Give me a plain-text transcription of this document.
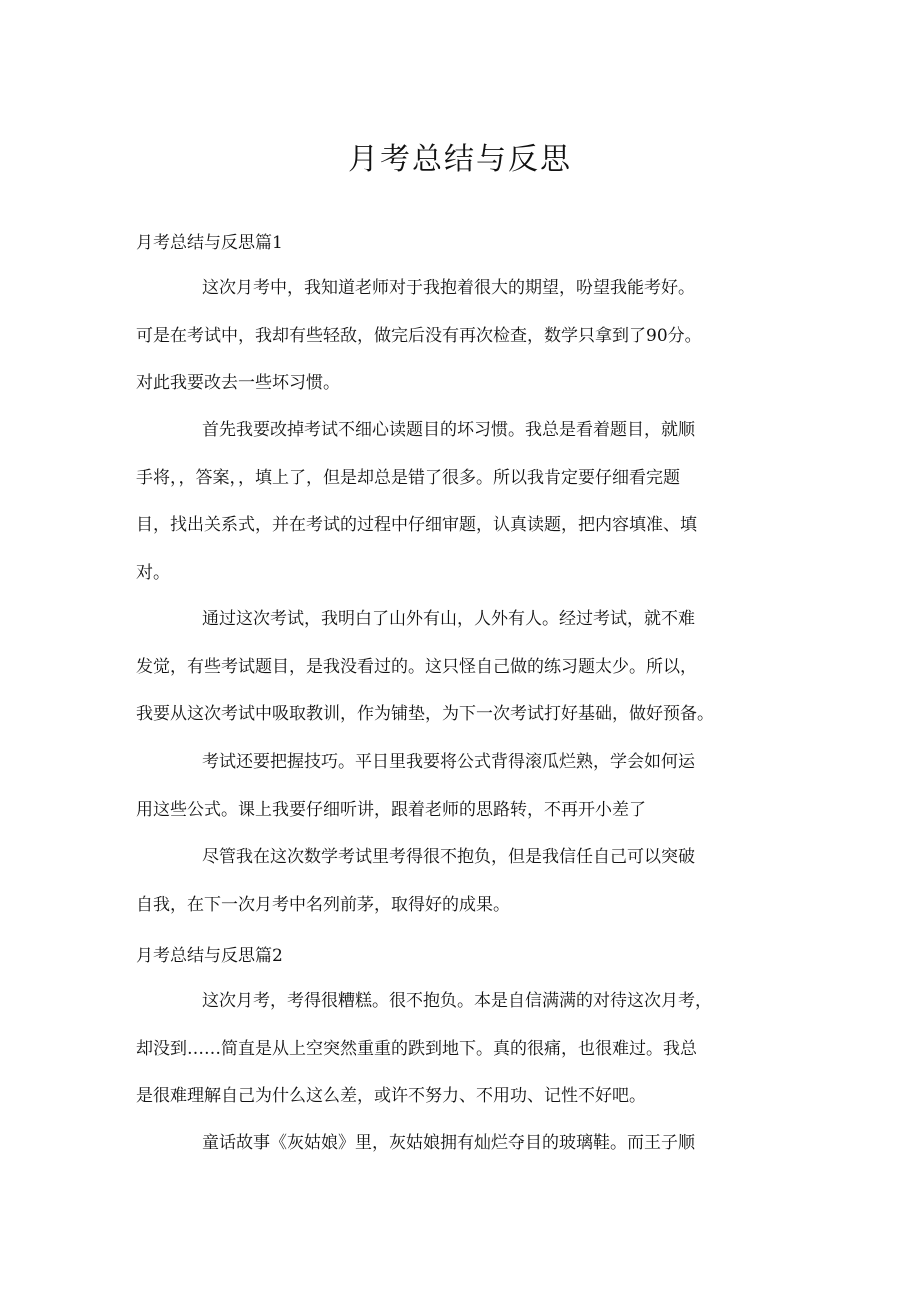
月考总结与反思
月考总结与反思篇1
这次月考中，我知道老师对于我抱着很大的期望，吩望我能考好。
可是在考试中，我却有些轻敌，做完后没有再次检查，数学只拿到了90分。
对此我要改去一些坏习惯。
首先我要改掉考试不细心读题目的坏习惯。我总是看着题目，就顺
手将，，答案，，填上了，但是却总是错了很多。所以我肯定要仔细看完题
目，找出关系式，并在考试的过程中仔细审题，认真读题，把内容填准、填
对。
通过这次考试，我明白了山外有山，人外有人。经过考试，就不难
发觉，有些考试题目，是我没看过的。这只怪自己做的练习题太少。所以，
我要从这次考试中吸取教训，作为铺垫，为下一次考试打好基础，做好预备。
考试还要把握技巧。平日里我要将公式背得滚瓜烂熟，学会如何运
用这些公式。课上我要仔细听讲，跟着老师的思路转，不再开小差了
尽管我在这次数学考试里考得很不抱负，但是我信任自己可以突破
自我，在下一次月考中名列前茅，取得好的成果。
月考总结与反思篇2
这次月考，考得很糟糕。很不抱负。本是自信满满的对待这次月考，
却没到……简直是从上空突然重重的跌到地下。真的很痛，也很难过。我总
是很难理解自己为什么这么差，或许不努力、不用功、记性不好吧。
童话故事《灰姑娘》里，灰姑娘拥有灿烂夺目的玻璃鞋。而王子顺
